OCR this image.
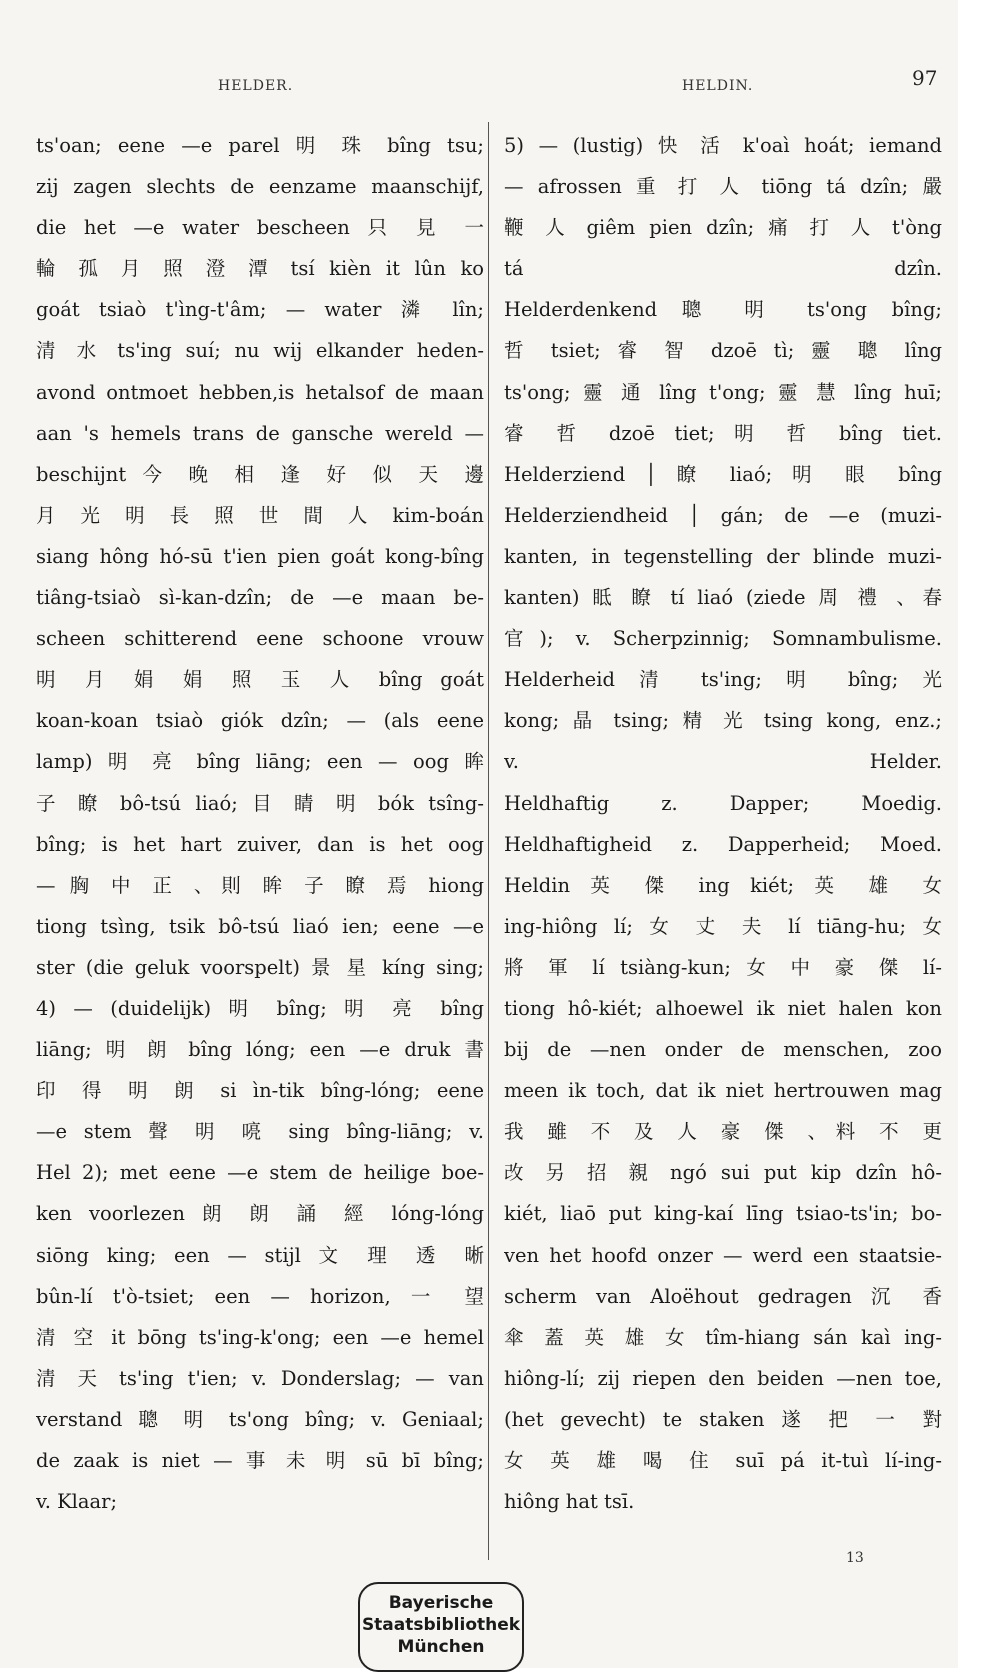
HELDER.	HELDIN.	97
ts'oan; eene —e parel 明 珠 bîng tsu;
zij zagen slechts de eenzame maanschijf,
die het —e water bescheen 只 見 一
輪 孤 月 照 澄 潭 tsí kièn it lûn ko
goát tsiaò t'ìng-t'âm; — water 潾 lîn;
清 水 ts'ing suí; nu wij elkander heden-
avond ontmoet hebben,is hetalsof de maan
aan 's hemels trans de gansche wereld —
beschijnt 今 晚 相 逢 好 似 天 邊
月 光 明 長 照 世 間 人 kim-boán
siang hông hó-sū t'ien pien goát kong-bîng
tiâng-tsiaò sì-kan-dzîn; de —e maan be-
scheen schitterend eene schoone vrouw
明 月 娟 娟 照 玉 人 bîng goát
koan-koan tsiaò giók dzîn; — (als eene
lamp) 明 亮 bîng liāng; een — oog 眸
子 瞭 bô-tsú liaó; 目 睛 明 bók tsîng-
bîng; is het hart zuiver, dan is het oog
— 胸 中 正 、則 眸 子 瞭 焉 hiong
tiong tsìng, tsik bô-tsú liaó ien; eene —e
ster (die geluk voorspelt) 景 星 kíng sing;
4) — (duidelijk) 明 bîng; 明 亮 bîng
liāng; 明 朗 bîng lóng; een —e druk 書
印 得 明 朗 si ìn-tik bîng-lóng; eene
—e stem 聲 明 喨 sing bîng-liāng; v.
Hel 2); met eene —e stem de heilige boe-
ken voorlezen 朗 朗 誦 經 lóng-lóng
siōng king; een — stijl 文 理 透 晰
bûn-lí t'ò-tsiet; een — horizon, 一 望
清 空 it bōng ts'ing-k'ong; een —e hemel
清 天 ts'ing t'ien; v. Donderslag; — van
verstand 聰 明 ts'ong bîng; v. Geniaal;
de zaak is niet — 事 未 明 sū bī bîng;
v. Klaar;
5) — (lustig) 快 活 k'oaì hoát; iemand
— afrossen 重 打 人 tiōng tá dzîn; 嚴
鞭 人 giêm pien dzîn; 痛 打 人 t'òng
tá dzîn.
Helderdenkend 聰 明 ts'ong bîng;
哲 tsiet; 睿 智 dzoē tì; 靈 聰 lîng
ts'ong; 靈 通 lîng t'ong; 靈 慧 lîng huī;
睿 哲 dzoē tiet; 明 哲 bîng tiet.
Helderziend │ 瞭 liaó; 明 眼 bîng
Helderziendheid │ gán; de —e (muzi-
kanten, in tegenstelling der blinde muzi-
kanten) 眡 瞭 tí liaó (ziede 周 禮 、春
官); v. Scherpzinnig; Somnambulisme.
Helderheid 清 ts'ing; 明 bîng; 光
kong; 晶 tsing; 精 光 tsing kong, enz.;
v. Helder.
Heldhaftig z. Dapper; Moedig.
Heldhaftigheid z. Dapperheid; Moed.
Heldin 英 傑 ing kiét; 英 雄 女
ing-hiông lí; 女 丈 夫 lí tiāng-hu; 女
將 軍 lí tsiàng-kun; 女 中 豪 傑 lí-
tiong hô-kiét; alhoewel ik niet halen kon
bij de —nen onder de menschen, zoo
meen ik toch, dat ik niet hertrouwen mag
我 雖 不 及 人 豪 傑 、料 不 更
改 另 招 親 ngó sui put kip dzîn hô-
kiét, liaō put king-kaí līng tsiao-ts'in; bo-
ven het hoofd onzer — werd een staatsie-
scherm van Aloëhout gedragen 沉 香
傘 蓋 英 雄 女 tîm-hiang sán kaì ing-
hiông-lí; zij riepen den beiden —nen toe,
(het gevecht) te staken 遂 把 一 對
女 英 雄 喝 住 suī pá it-tuì lí-ing-
hiông hat tsī.
13
Bayerische
Staatsbibliothek
München
